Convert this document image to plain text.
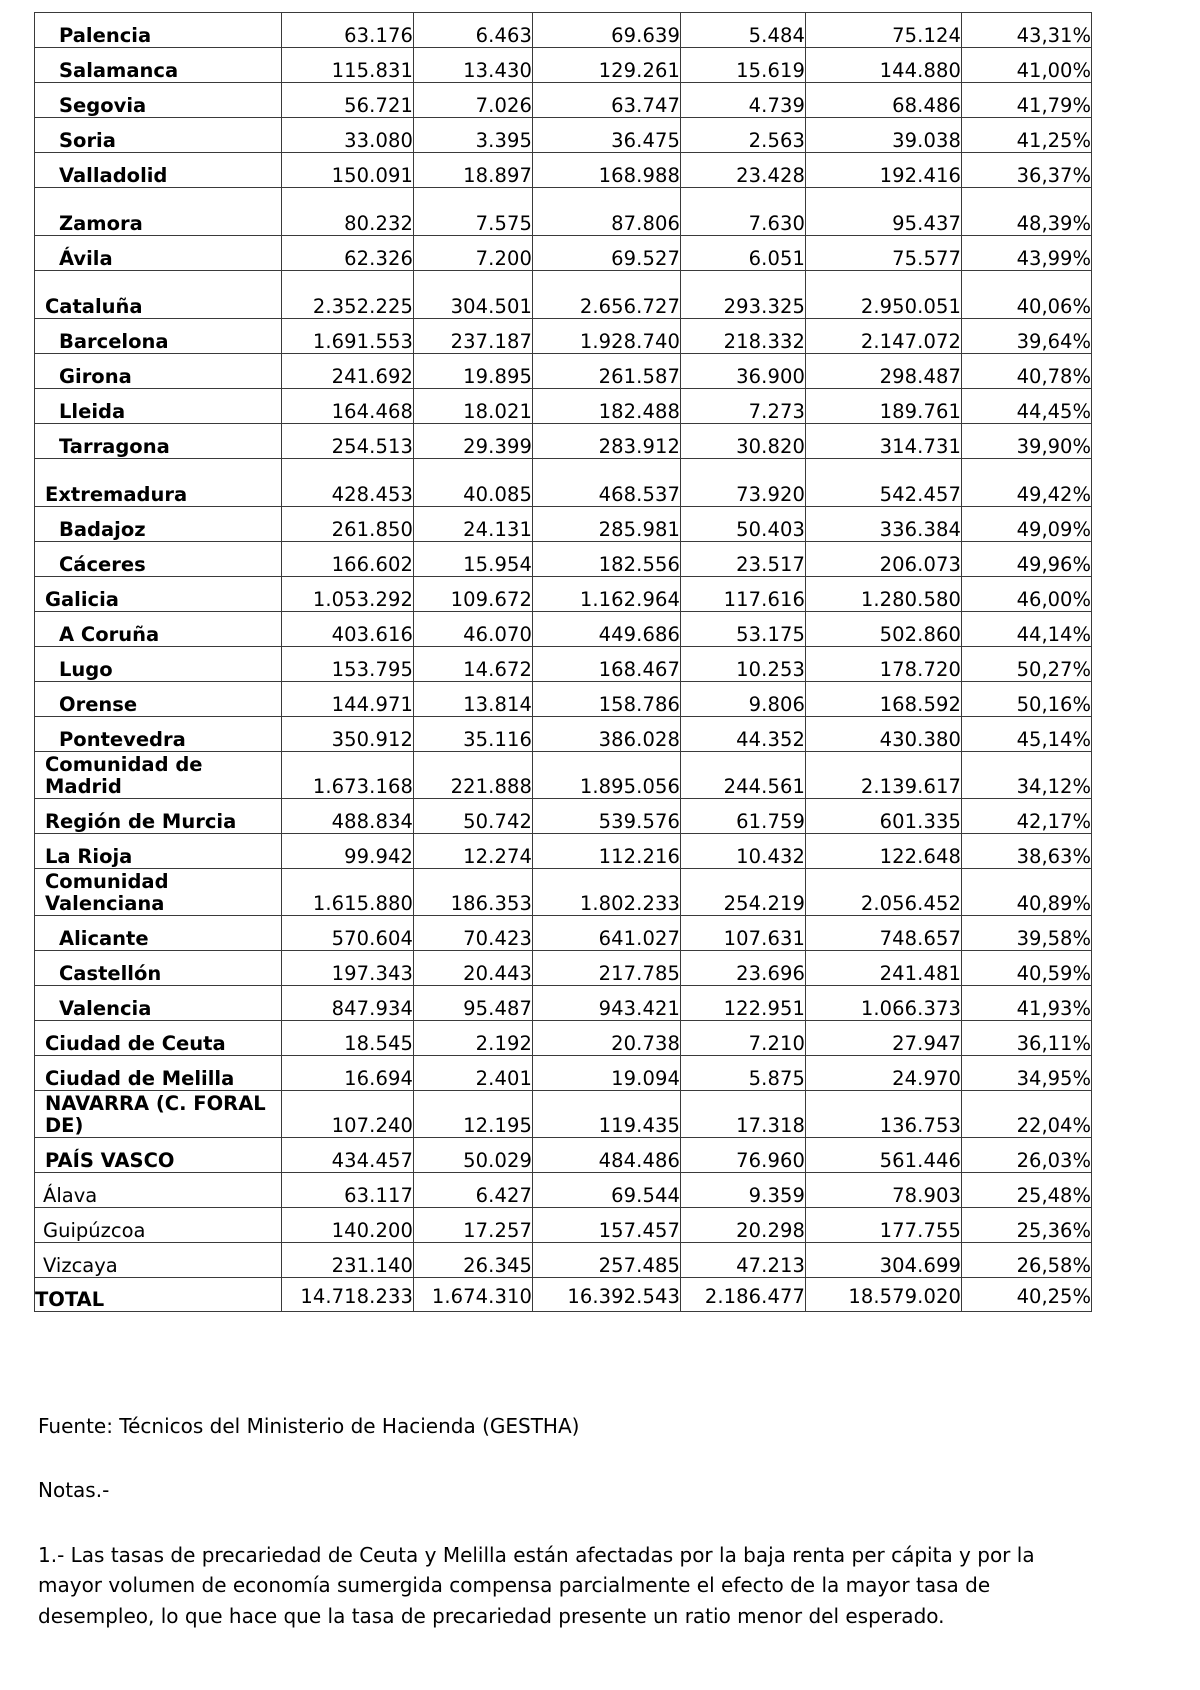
Palencia	63.176	6.463	69.639	5.484	75.124	43,31%
Salamanca	115.831	13.430	129.261	15.619	144.880	41,00%
Segovia	56.721	7.026	63.747	4.739	68.486	41,79%
Soria	33.080	3.395	36.475	2.563	39.038	41,25%
Valladolid	150.091	18.897	168.988	23.428	192.416	36,37%
Zamora	80.232	7.575	87.806	7.630	95.437	48,39%
Ávila	62.326	7.200	69.527	6.051	75.577	43,99%
Cataluña	2.352.225	304.501	2.656.727	293.325	2.950.051	40,06%
Barcelona	1.691.553	237.187	1.928.740	218.332	2.147.072	39,64%
Girona	241.692	19.895	261.587	36.900	298.487	40,78%
Lleida	164.468	18.021	182.488	7.273	189.761	44,45%
Tarragona	254.513	29.399	283.912	30.820	314.731	39,90%
Extremadura	428.453	40.085	468.537	73.920	542.457	49,42%
Badajoz	261.850	24.131	285.981	50.403	336.384	49,09%
Cáceres	166.602	15.954	182.556	23.517	206.073	49,96%
Galicia	1.053.292	109.672	1.162.964	117.616	1.280.580	46,00%
A Coruña	403.616	46.070	449.686	53.175	502.860	44,14%
Lugo	153.795	14.672	168.467	10.253	178.720	50,27%
Orense	144.971	13.814	158.786	9.806	168.592	50,16%
Pontevedra	350.912	35.116	386.028	44.352	430.380	45,14%
Comunidad de Madrid	1.673.168	221.888	1.895.056	244.561	2.139.617	34,12%
Región de Murcia	488.834	50.742	539.576	61.759	601.335	42,17%
La Rioja	99.942	12.274	112.216	10.432	122.648	38,63%
Comunidad Valenciana	1.615.880	186.353	1.802.233	254.219	2.056.452	40,89%
Alicante	570.604	70.423	641.027	107.631	748.657	39,58%
Castellón	197.343	20.443	217.785	23.696	241.481	40,59%
Valencia	847.934	95.487	943.421	122.951	1.066.373	41,93%
Ciudad de Ceuta	18.545	2.192	20.738	7.210	27.947	36,11%
Ciudad de Melilla	16.694	2.401	19.094	5.875	24.970	34,95%
NAVARRA (C. FORAL DE)	107.240	12.195	119.435	17.318	136.753	22,04%
PAÍS VASCO	434.457	50.029	484.486	76.960	561.446	26,03%
Álava	63.117	6.427	69.544	9.359	78.903	25,48%
Guipúzcoa	140.200	17.257	157.457	20.298	177.755	25,36%
Vizcaya	231.140	26.345	257.485	47.213	304.699	26,58%
TOTAL	14.718.233	1.674.310	16.392.543	2.186.477	18.579.020	40,25%
Fuente: Técnicos del Ministerio de Hacienda (GESTHA)
Notas.-
1.- Las tasas de precariedad de Ceuta y Melilla están afectadas por la baja renta per cápita y por la mayor volumen de economía sumergida compensa parcialmente el efecto de la mayor tasa de desempleo, lo que hace que la tasa de precariedad presente un ratio menor del esperado.
